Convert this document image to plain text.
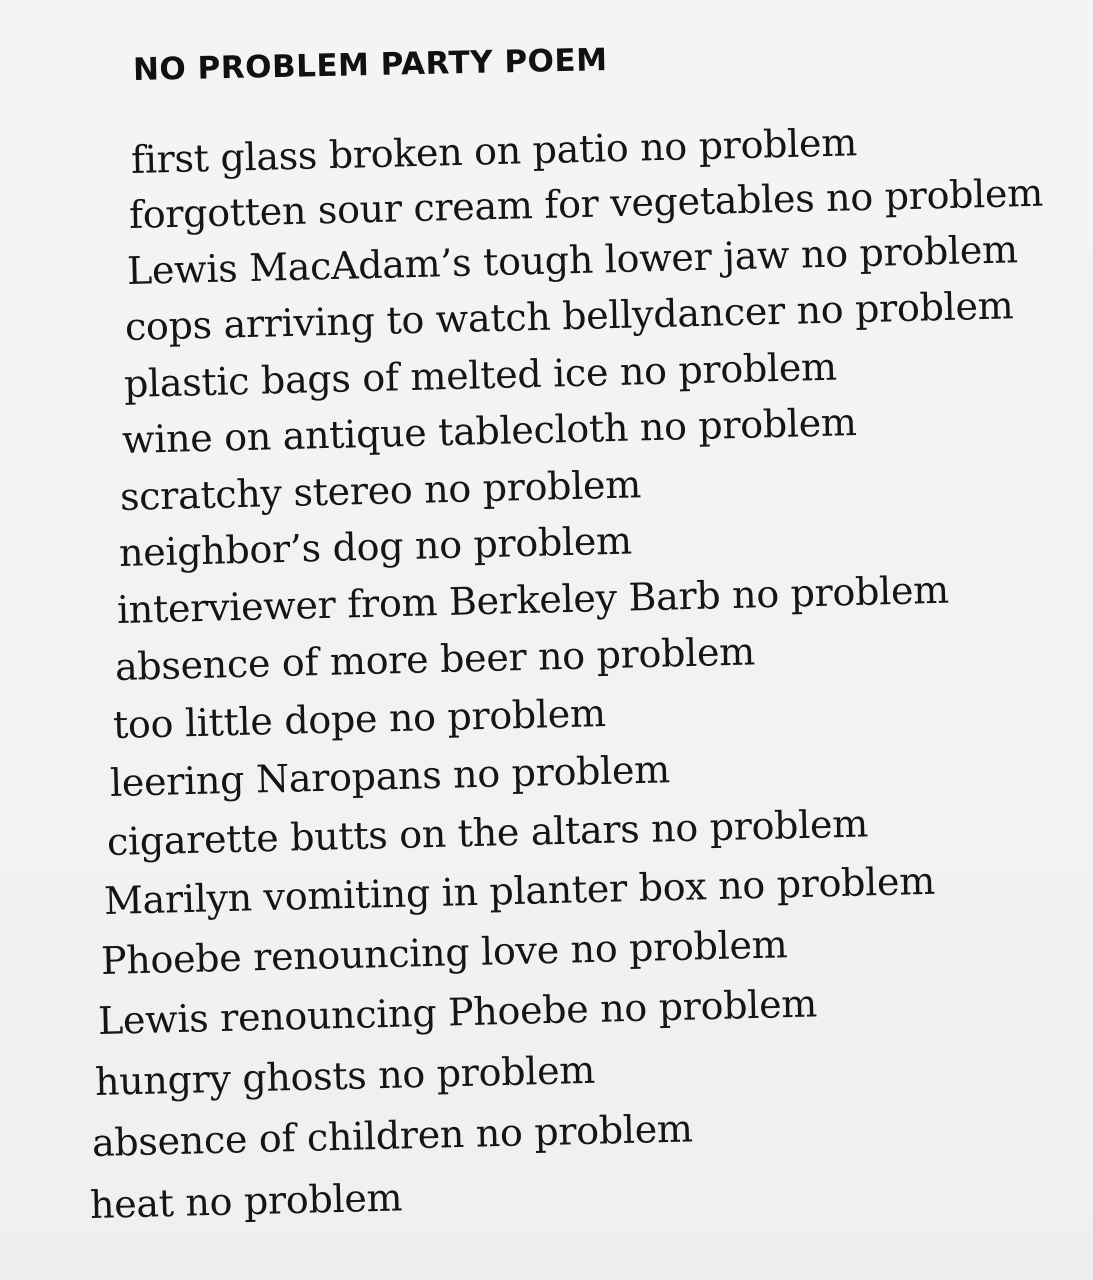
NO PROBLEM PARTY POEM
first glass broken on patio no problem
forgotten sour cream for vegetables no problem
Lewis MacAdam’s tough lower jaw no problem
cops arriving to watch bellydancer no problem
plastic bags of melted ice no problem
wine on antique tablecloth no problem
scratchy stereo no problem
neighbor’s dog no problem
interviewer from Berkeley Barb no problem
absence of more beer no problem
too little dope no problem
leering Naropans no problem
cigarette butts on the altars no problem
Marilyn vomiting in planter box no problem
Phoebe renouncing love no problem
Lewis renouncing Phoebe no problem
hungry ghosts no problem
absence of children no problem
heat no problem
